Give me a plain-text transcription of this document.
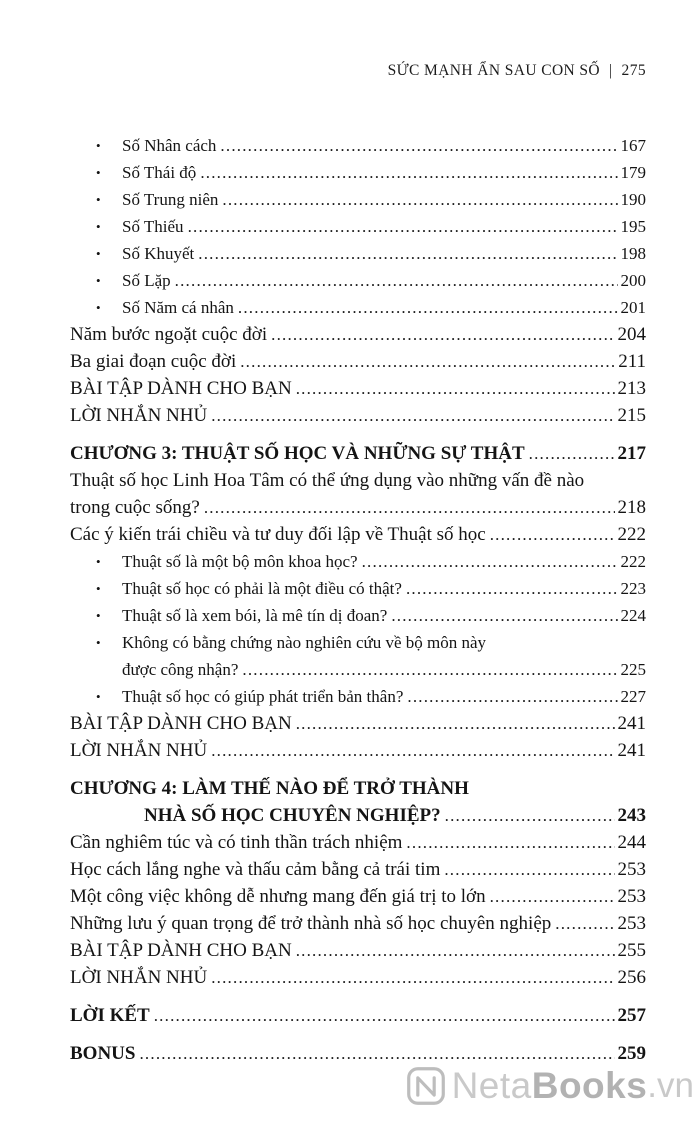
SỨC MẠNH ẨN SAU CON SỐ | 275
•	Số Nhân cách .....	167
•	Số Thái độ .....	179
•	Số Trung niên .....	190
•	Số Thiếu .....	195
•	Số Khuyết .....	198
•	Số Lặp .....	200
•	Số Năm cá nhân .....	201
Năm bước ngoặt cuộc đời .....	204
Ba giai đoạn cuộc đời .....	211
BÀI TẬP DÀNH CHO BẠN .....	213
LỜI NHẮN NHỦ .....	215
CHƯƠNG 3: THUẬT SỐ HỌC VÀ NHỮNG SỰ THẬT .....	217
Thuật số học Linh Hoa Tâm có thể ứng dụng vào những vấn đề nào
trong cuộc sống? .....	218
Các ý kiến trái chiều và tư duy đối lập về Thuật số học .....	222
•	Thuật số là một bộ môn khoa học? .....	222
•	Thuật số học có phải là một điều có thật? .....	223
•	Thuật số là xem bói, là mê tín dị đoan? .....	224
•	Không có bằng chứng nào nghiên cứu về bộ môn này
được công nhận? .....	225
•	Thuật số học có giúp phát triển bản thân? .....	227
BÀI TẬP DÀNH CHO BẠN .....	241
LỜI NHẮN NHỦ .....	241
CHƯƠNG 4: LÀM THẾ NÀO ĐỂ TRỞ THÀNH
NHÀ SỐ HỌC CHUYÊN NGHIỆP? .....	243
Cần nghiêm túc và có tinh thần trách nhiệm .....	244
Học cách lắng nghe và thấu cảm bằng cả trái tim .....	253
Một công việc không dễ nhưng mang đến giá trị to lớn .....	253
Những lưu ý quan trọng để trở thành nhà số học chuyên nghiệp .....	253
BÀI TẬP DÀNH CHO BẠN .....	255
LỜI NHẮN NHỦ .....	256
LỜI KẾT .....	257
BONUS .....	259
Neta Books .vn
